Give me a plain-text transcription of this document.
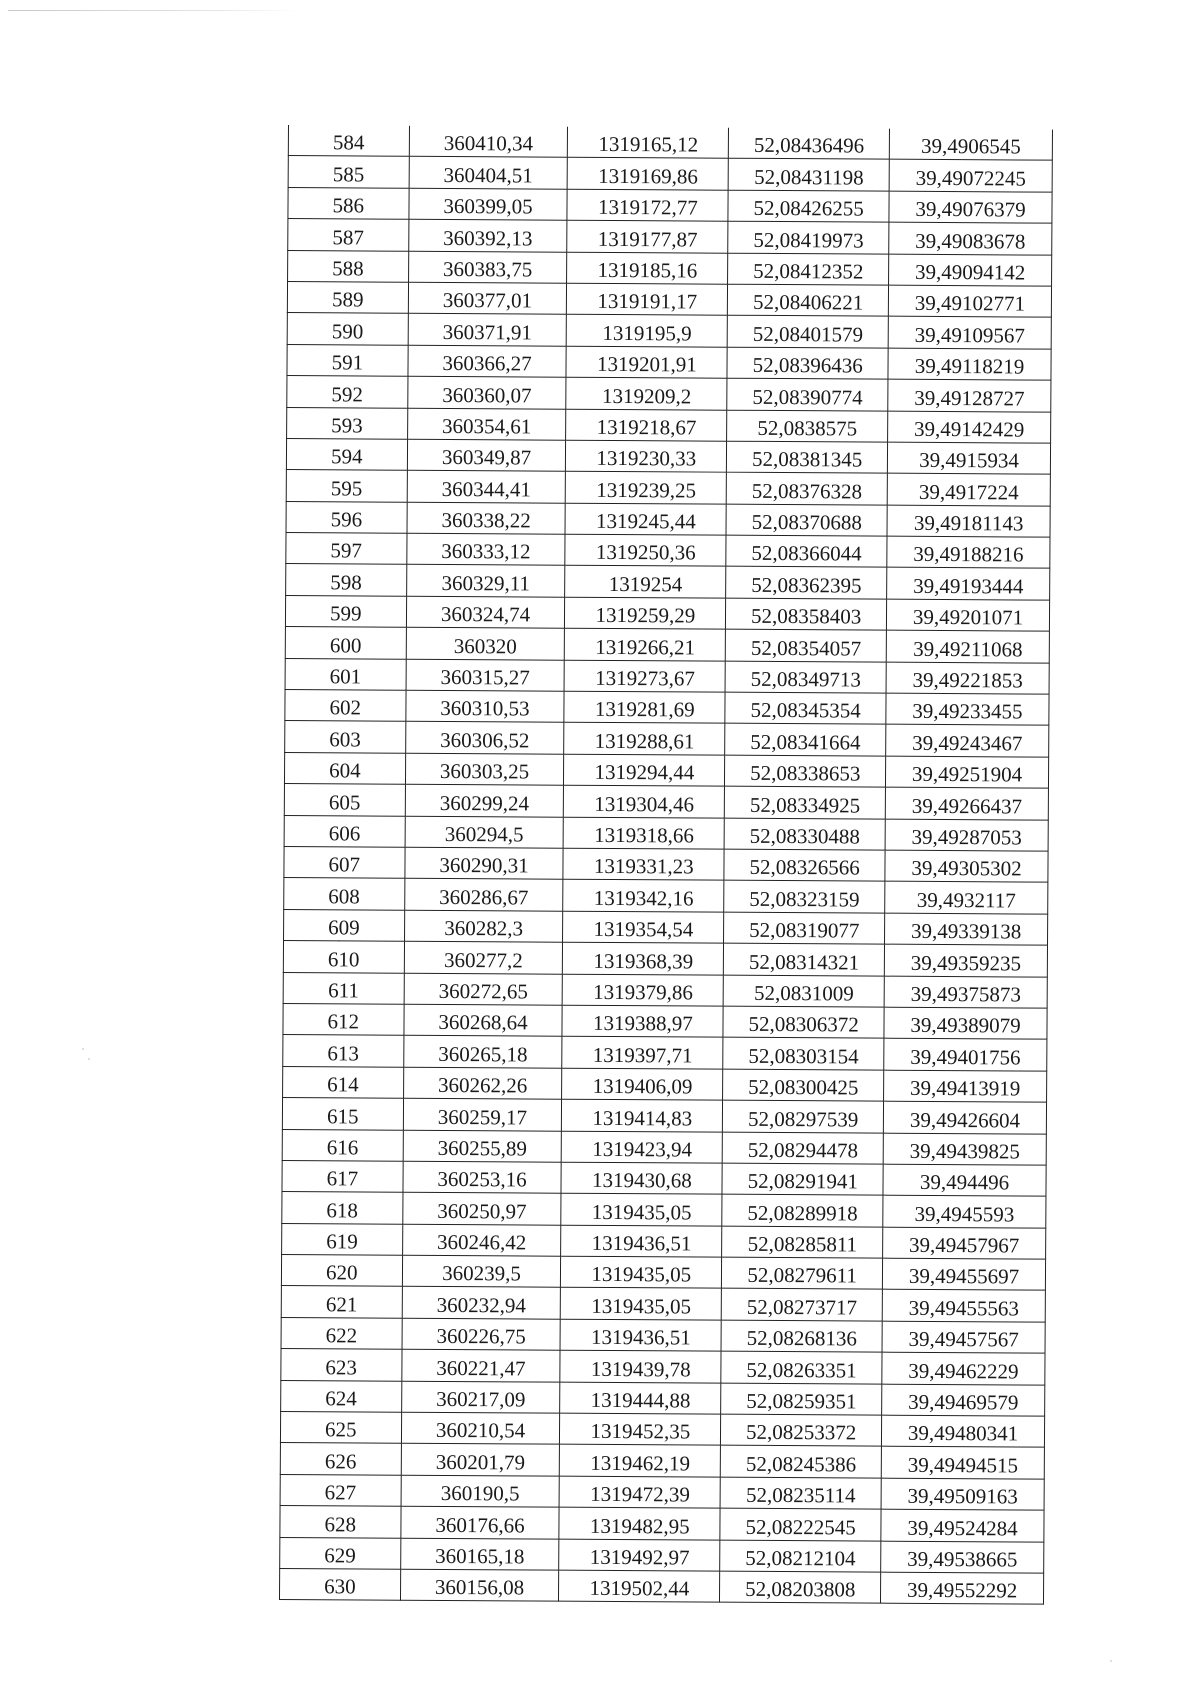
584	360410,34	1319165,12	52,08436496	39,4906545
585	360404,51	1319169,86	52,08431198	39,49072245
586	360399,05	1319172,77	52,08426255	39,49076379
587	360392,13	1319177,87	52,08419973	39,49083678
588	360383,75	1319185,16	52,08412352	39,49094142
589	360377,01	1319191,17	52,08406221	39,49102771
590	360371,91	1319195,9	52,08401579	39,49109567
591	360366,27	1319201,91	52,08396436	39,49118219
592	360360,07	1319209,2	52,08390774	39,49128727
593	360354,61	1319218,67	52,0838575	39,49142429
594	360349,87	1319230,33	52,08381345	39,4915934
595	360344,41	1319239,25	52,08376328	39,4917224
596	360338,22	1319245,44	52,08370688	39,49181143
597	360333,12	1319250,36	52,08366044	39,49188216
598	360329,11	1319254	52,08362395	39,49193444
599	360324,74	1319259,29	52,08358403	39,49201071
600	360320	1319266,21	52,08354057	39,49211068
601	360315,27	1319273,67	52,08349713	39,49221853
602	360310,53	1319281,69	52,08345354	39,49233455
603	360306,52	1319288,61	52,08341664	39,49243467
604	360303,25	1319294,44	52,08338653	39,49251904
605	360299,24	1319304,46	52,08334925	39,49266437
606	360294,5	1319318,66	52,08330488	39,49287053
607	360290,31	1319331,23	52,08326566	39,49305302
608	360286,67	1319342,16	52,08323159	39,4932117
609	360282,3	1319354,54	52,08319077	39,49339138
610	360277,2	1319368,39	52,08314321	39,49359235
611	360272,65	1319379,86	52,0831009	39,49375873
612	360268,64	1319388,97	52,08306372	39,49389079
613	360265,18	1319397,71	52,08303154	39,49401756
614	360262,26	1319406,09	52,08300425	39,49413919
615	360259,17	1319414,83	52,08297539	39,49426604
616	360255,89	1319423,94	52,08294478	39,49439825
617	360253,16	1319430,68	52,08291941	39,494496
618	360250,97	1319435,05	52,08289918	39,4945593
619	360246,42	1319436,51	52,08285811	39,49457967
620	360239,5	1319435,05	52,08279611	39,49455697
621	360232,94	1319435,05	52,08273717	39,49455563
622	360226,75	1319436,51	52,08268136	39,49457567
623	360221,47	1319439,78	52,08263351	39,49462229
624	360217,09	1319444,88	52,08259351	39,49469579
625	360210,54	1319452,35	52,08253372	39,49480341
626	360201,79	1319462,19	52,08245386	39,49494515
627	360190,5	1319472,39	52,08235114	39,49509163
628	360176,66	1319482,95	52,08222545	39,49524284
629	360165,18	1319492,97	52,08212104	39,49538665
630	360156,08	1319502,44	52,08203808	39,49552292
